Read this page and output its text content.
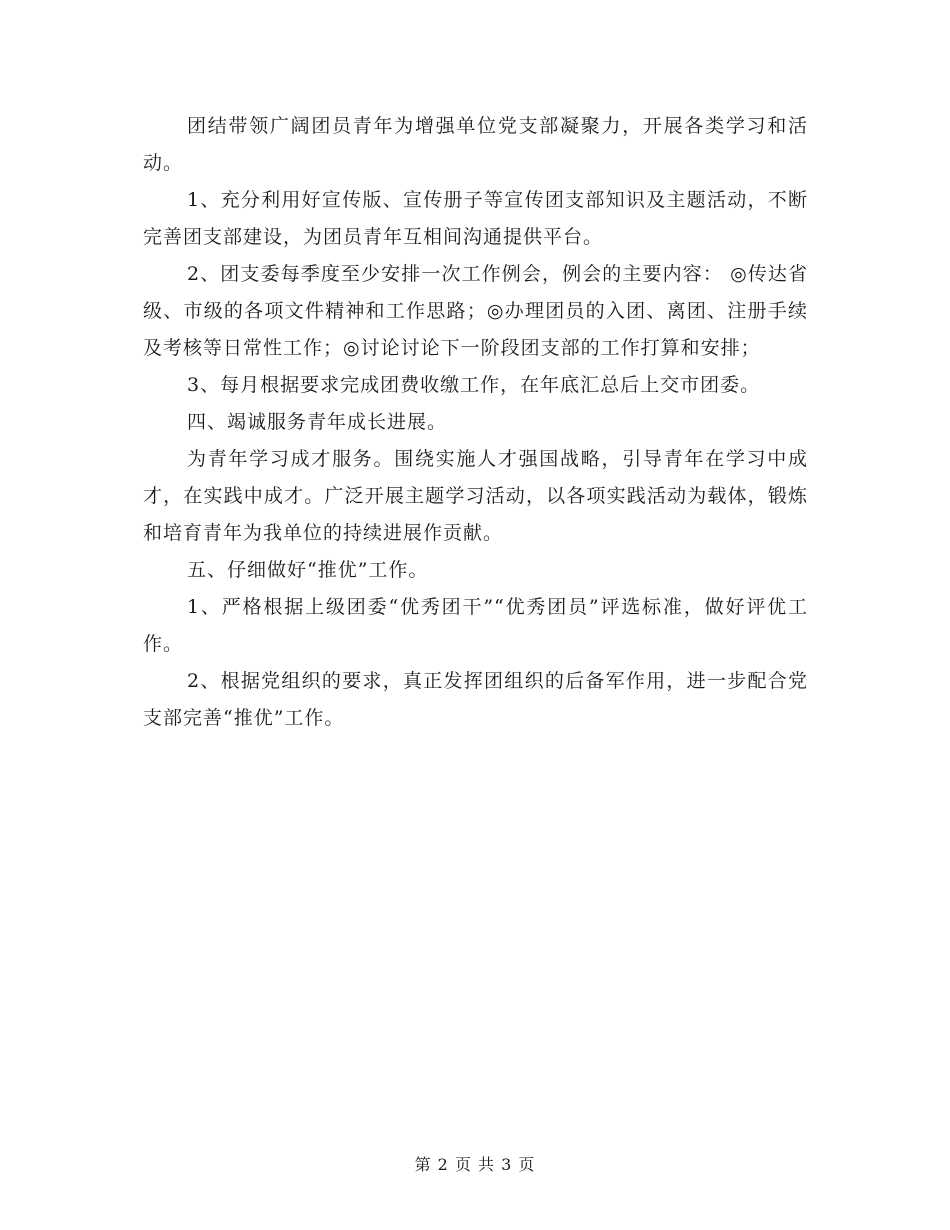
团结带领广阔团员青年为增强单位党支部凝聚力，开展各类学习和活动。

1、充分利用好宣传版、宣传册子等宣传团支部知识及主题活动，不断完善团支部建设，为团员青年互相间沟通提供平台。

2、团支委每季度至少安排一次工作例会，例会的主要内容： ◎传达省级、市级的各项文件精神和工作思路；◎办理团员的入团、离团、注册手续及考核等日常性工作；◎讨论讨论下一阶段团支部的工作打算和安排；

3、每月根据要求完成团费收缴工作，在年底汇总后上交市团委。

四、竭诚服务青年成长进展。

为青年学习成才服务。围绕实施人才强国战略，引导青年在学习中成才，在实践中成才。广泛开展主题学习活动，以各项实践活动为载体，锻炼和培育青年为我单位的持续进展作贡献。

五、仔细做好“推优”工作。

1、严格根据上级团委“优秀团干”“优秀团员”评选标准，做好评优工作。

2、根据党组织的要求，真正发挥团组织的后备军作用，进一步配合党支部完善“推优”工作。

第 2 页 共 3 页
